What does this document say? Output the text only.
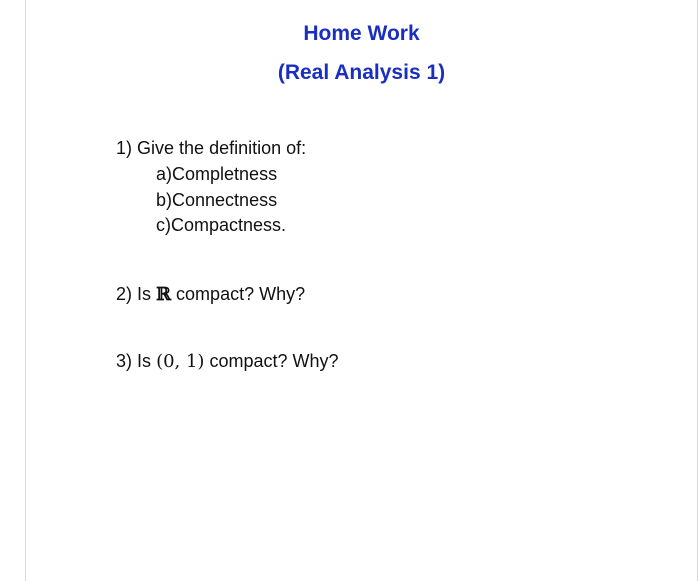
Home Work
(Real Analysis 1)
1) Give the definition of:
a)Completness
b)Connectness
c)Compactness.
2) Is ℝ compact? Why?
3) Is (0, 1) compact? Why?
